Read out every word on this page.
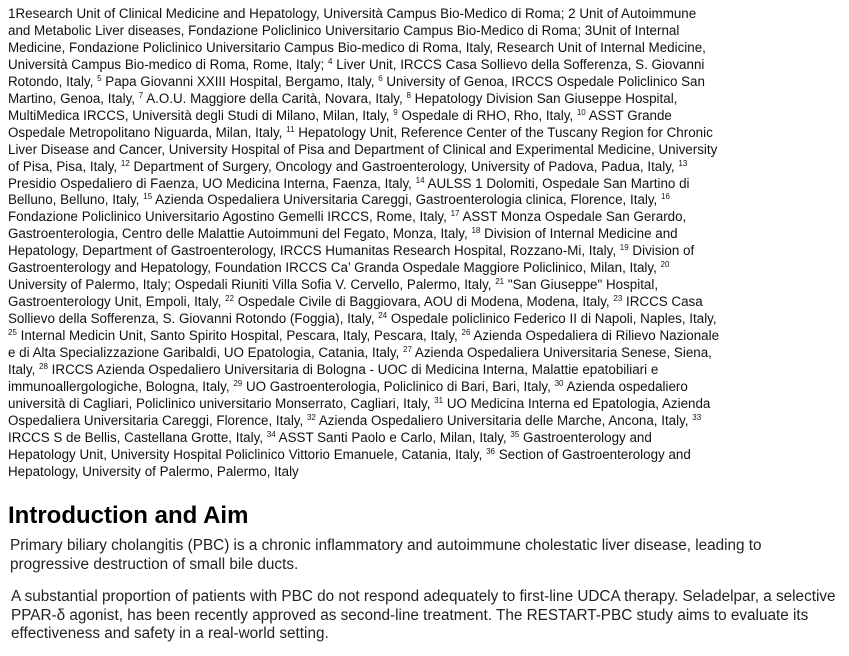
1Research Unit of Clinical Medicine and Hepatology, Università Campus Bio-Medico di Roma; 2 Unit of Autoimmune and Metabolic Liver diseases, Fondazione Policlinico Universitario Campus Bio-Medico di Roma; 3Unit of Internal Medicine, Fondazione Policlinico Universitario Campus Bio-medico di Roma, Italy, Research Unit of Internal Medicine, Università Campus Bio-medico di Roma, Rome, Italy; $^4$ Liver Unit, IRCCS Casa Sollievo della Sofferenza, S. Giovanni Rotondo, Italy, $^5$ Papa Giovanni XXIII Hospital, Bergamo, Italy, $^6$ University of Genoa, IRCCS Ospedale Policlinico San Martino, Genoa, Italy, $^7$ A.O.U. Maggiore della Carità, Novara, Italy, $^8$ Hepatology Division San Giuseppe Hospital, MultiMedica IRCCS, Università degli Studi di Milano, Milan, Italy, $^9$ Ospedale di RHO, Rho, Italy, $^{10}$ ASST Grande Ospedale Metropolitano Niguarda, Milan, Italy, $^{11}$ Hepatology Unit, Reference Center of the Tuscany Region for Chronic Liver Disease and Cancer, University Hospital of Pisa and Department of Clinical and Experimental Medicine, University of Pisa, Pisa, Italy, $^{12}$ Department of Surgery, Oncology and Gastroenterology, University of Padova, Padua, Italy, $^{13}$ Presidio Ospedaliero di Faenza, UO Medicina Interna, Faenza, Italy, $^{14}$ AULSS 1 Dolomiti, Ospedale San Martino di Belluno, Belluno, Italy, $^{15}$ Azienda Ospedaliera Universitaria Careggi, Gastroenterologia clinica, Florence, Italy, $^{16}$ Fondazione Policlinico Universitario Agostino Gemelli IRCCS, Rome, Italy, $^{17}$ ASST Monza Ospedale San Gerardo, Gastroenterologia, Centro delle Malattie Autoimmuni del Fegato, Monza, Italy, $^{18}$ Division of Internal Medicine and Hepatology, Department of Gastroenterology, IRCCS Humanitas Research Hospital, Rozzano-Mi, Italy, $^{19}$ Division of Gastroenterology and Hepatology, Foundation IRCCS Ca’ Granda Ospedale Maggiore Policlinico, Milan, Italy, $^{20}$ University of Palermo, Italy; Ospedali Riuniti Villa Sofia V. Cervello, Palermo, Italy, $^{21}$ "San Giuseppe" Hospital, Gastroenterology Unit, Empoli, Italy, $^{22}$ Ospedale Civile di Baggiovara, AOU di Modena, Modena, Italy, $^{23}$ IRCCS Casa Sollievo della Sofferenza, S. Giovanni Rotondo (Foggia), Italy, $^{24}$ Ospedale policlinico Federico II di Napoli, Naples, Italy, $^{25}$ Internal Medicin Unit, Santo Spirito Hospital, Pescara, Italy, Pescara, Italy, $^{26}$ Azienda Ospedaliera di Rilievo Nazionale e di Alta Specializzazione Garibaldi, UO Epatologia, Catania, Italy, $^{27}$ Azienda Ospedaliera Universitaria Senese, Siena, Italy, $^{28}$ IRCCS Azienda Ospedaliero Universitaria di Bologna - UOC di Medicina Interna, Malattie epatobiliari e immunoallergologiche, Bologna, Italy, $^{29}$ UO Gastroenterologia, Policlinico di Bari, Bari, Italy, $^{30}$ Azienda ospedaliero università di Cagliari, Policlinico universitario Monserrato, Cagliari, Italy, $^{31}$ UO Medicina Interna ed Epatologia, Azienda Ospedaliera Universitaria Careggi, Florence, Italy, $^{32}$ Azienda Ospedaliero Universitaria delle Marche, Ancona, Italy, $^{33}$ IRCCS S de Bellis, Castellana Grotte, Italy, $^{34}$ ASST Santi Paolo e Carlo, Milan, Italy, $^{35}$ Gastroenterology and Hepatology Unit, University Hospital Policlinico Vittorio Emanuele, Catania, Italy, $^{36}$ Section of Gastroenterology and Hepatology, University of Palermo, Palermo, Italy
Introduction and Aim
Primary biliary cholangitis (PBC) is a chronic inflammatory and autoimmune cholestatic liver disease, leading to progressive destruction of small bile ducts.
A substantial proportion of patients with PBC do not respond adequately to first-line UDCA therapy. Seladelpar, a selective PPAR-δ agonist, has been recently approved as second-line treatment. The RESTART-PBC study aims to evaluate its effectiveness and safety in a real-world setting.
